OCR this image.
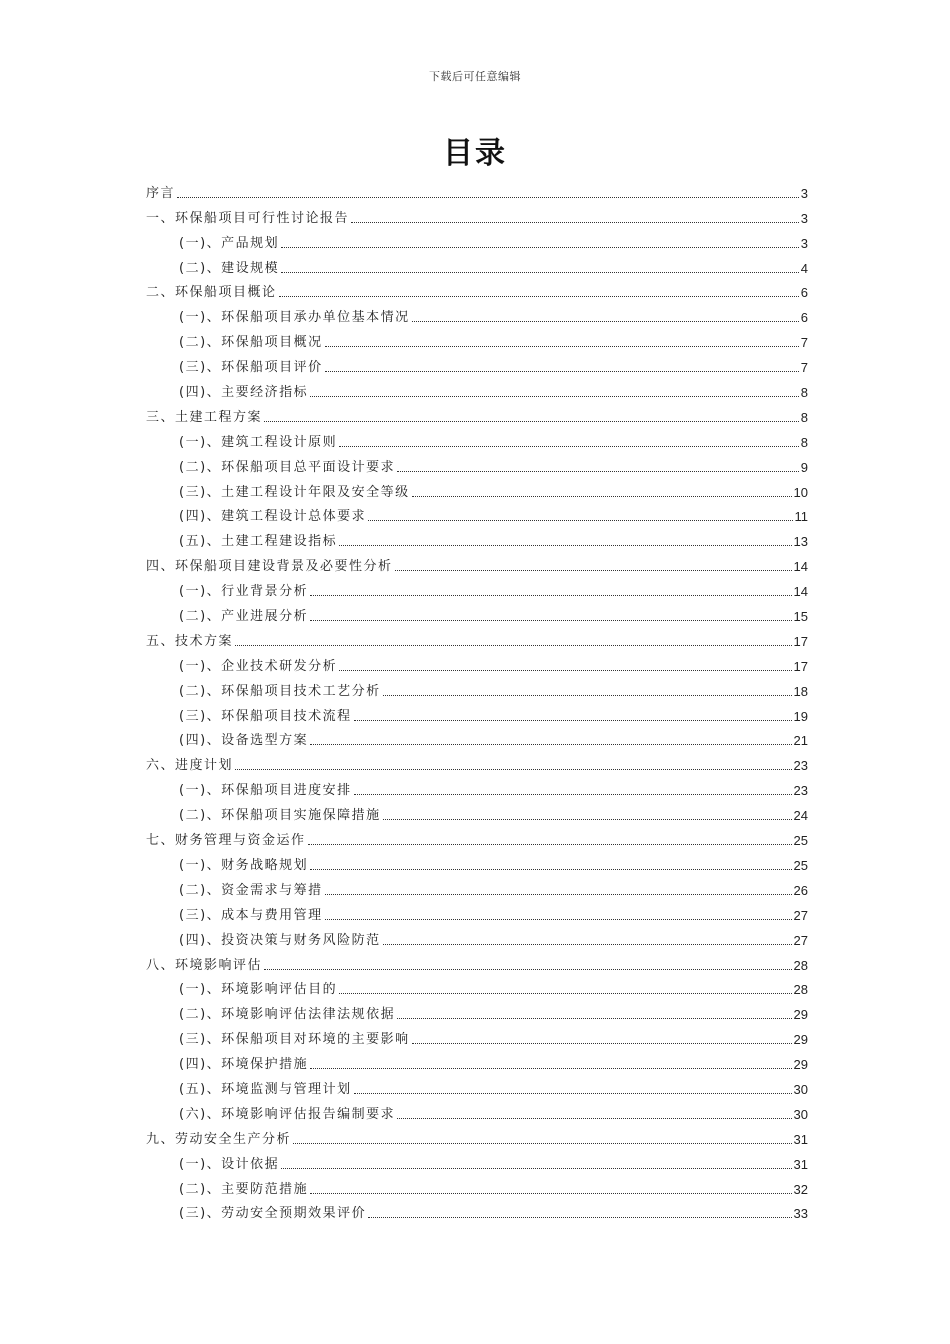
下载后可任意编辑
目录
序言	3
一、环保船项目可行性讨论报告	3
(一)、产品规划	3
(二)、建设规模	4
二、环保船项目概论	6
(一)、环保船项目承办单位基本情况	6
(二)、环保船项目概况	7
(三)、环保船项目评价	7
(四)、主要经济指标	8
三、土建工程方案	8
(一)、建筑工程设计原则	8
(二)、环保船项目总平面设计要求	9
(三)、土建工程设计年限及安全等级	10
(四)、建筑工程设计总体要求	11
(五)、土建工程建设指标	13
四、环保船项目建设背景及必要性分析	14
(一)、行业背景分析	14
(二)、产业进展分析	15
五、技术方案	17
(一)、企业技术研发分析	17
(二)、环保船项目技术工艺分析	18
(三)、环保船项目技术流程	19
(四)、设备选型方案	21
六、进度计划	23
(一)、环保船项目进度安排	23
(二)、环保船项目实施保障措施	24
七、财务管理与资金运作	25
(一)、财务战略规划	25
(二)、资金需求与筹措	26
(三)、成本与费用管理	27
(四)、投资决策与财务风险防范	27
八、环境影响评估	28
(一)、环境影响评估目的	28
(二)、环境影响评估法律法规依据	29
(三)、环保船项目对环境的主要影响	29
(四)、环境保护措施	29
(五)、环境监测与管理计划	30
(六)、环境影响评估报告编制要求	30
九、劳动安全生产分析	31
(一)、设计依据	31
(二)、主要防范措施	32
(三)、劳动安全预期效果评价	33
